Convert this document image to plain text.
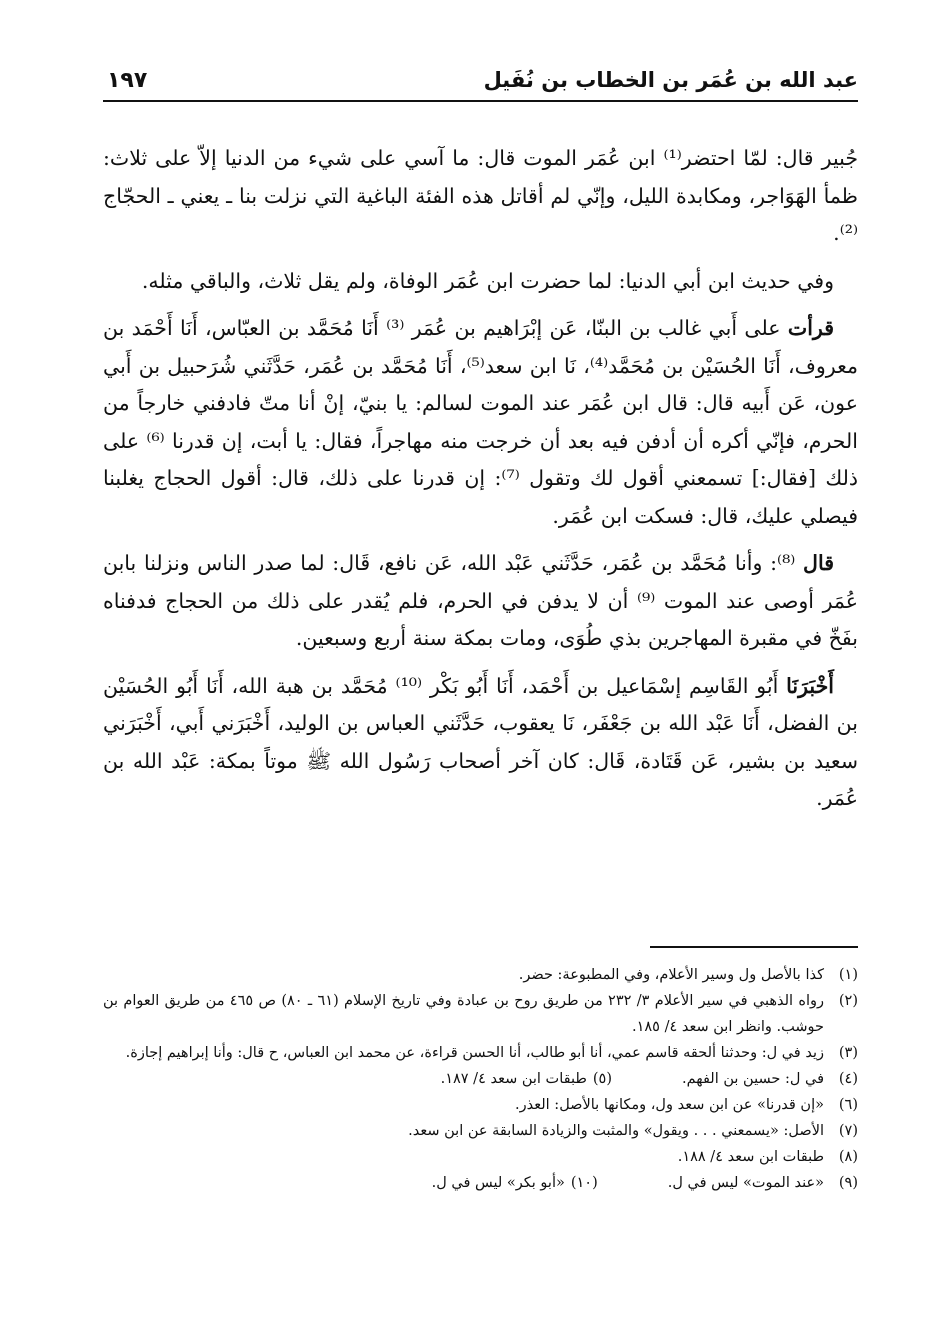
عبد الله بن عُمَر بن الخطاب بن نُفَيل
١٩٧

جُبير قال: لمّا احتضر⁽¹⁾ ابن عُمَر الموت قال: ما آسي على شيء من الدنيا إلاّ على ثلاث: ظمأ الهَوَاجر، ومكابدة الليل، وإنّي لم أقاتل هذه الفئة الباغية التي نزلت بنا ـ يعني ـ الحجّاج ⁽²⁾.

وفي حديث ابن أبي الدنيا: لما حضرت ابن عُمَر الوفاة، ولم يقل ثلاث، والباقي مثله.

قرأت على أَبي غالب بن البنّا، عَن إبْرَاهيم بن عُمَر ⁽³⁾ أَنَا مُحَمَّد بن العبّاس، أَنَا أَحْمَد بن معروف، أَنَا الحُسَيْن بن مُحَمَّد⁽⁴⁾، نَا ابن سعد⁽⁵⁾، أَنَا مُحَمَّد بن عُمَر، حَدَّثَني شُرَحبيل بن أَبي عون، عَن أَبيه قال: قال ابن عُمَر عند الموت لسالم: يا بنيّ، إنْ أنا متّ فادفني خارجاً من الحرم، فإنّي أكره أن أدفن فيه بعد أن خرجت منه مهاجراً، فقال: يا أبت، إن قدرنا ⁽⁶⁾ على ذلك [فقال:] تسمعني أقول لك وتقول ⁽⁷⁾: إن قدرنا على ذلك، قال: أقول الحجاج يغلبنا فيصلي عليك، قال: فسكت ابن عُمَر.

قال ⁽⁸⁾: وأنا مُحَمَّد بن عُمَر، حَدَّثَني عَبْد الله، عَن نافع، قَال: لما صدر الناس ونزلنا بابن عُمَر أوصى عند الموت ⁽⁹⁾ أن لا يدفن في الحرم، فلم يُقدر على ذلك من الحجاج فدفناه بفَخّ في مقبرة المهاجرين بذي طُوَى، ومات بمكة سنة أربع وسبعين.

أَخْبَرَنَا أَبُو القَاسِم إسْمَاعيل بن أَحْمَد، أَنَا أَبُو بَكْر ⁽¹⁰⁾ مُحَمَّد بن هبة الله، أَنَا أَبُو الحُسَيْن بن الفضل، أَنَا عَبْد الله بن جَعْفَر، نَا يعقوب، حَدَّثَني العباس بن الوليد، أَخْبَرَني أَبي، أَخْبَرَني سعيد بن بشير، عَن قَتَادة، قَال: كان آخر أصحاب رَسُول الله ﷺ موتاً بمكة: عَبْد الله بن عُمَر.

(١)
كذا بالأصل ول وسير الأعلام، وفي المطبوعة: حضر.
(٢)
رواه الذهبي في سير الأعلام ٣/ ٢٣٢ من طريق روح بن عبادة وفي تاريخ الإسلام (٦١ ـ ٨٠) ص ٤٦٥ من طريق العوام بن حوشب. وانظر ابن سعد ٤/ ١٨٥.
(٣)
زيد في ل: وحدثنا ألحقه قاسم عمي، أنا أبو طالب، أنا الحسن قراءة، عن محمد ابن العباس، ح قال: وأنا إبراهيم إجازة.
(٤)
في ل: حسين بن الفهم.
(٥)
طبقات ابن سعد ٤/ ١٨٧.
(٦)
«إن قدرنا» عن ابن سعد ول، ومكانها بالأصل: العذر.
(٧)
الأصل: «يسمعني . . . ويقول» والمثبت والزيادة السابقة عن ابن سعد.
(٨)
طبقات ابن سعد ٤/ ١٨٨.
(٩)
«عند الموت» ليس في ل.
(١٠)
«أبو بكر» ليس في ل.
